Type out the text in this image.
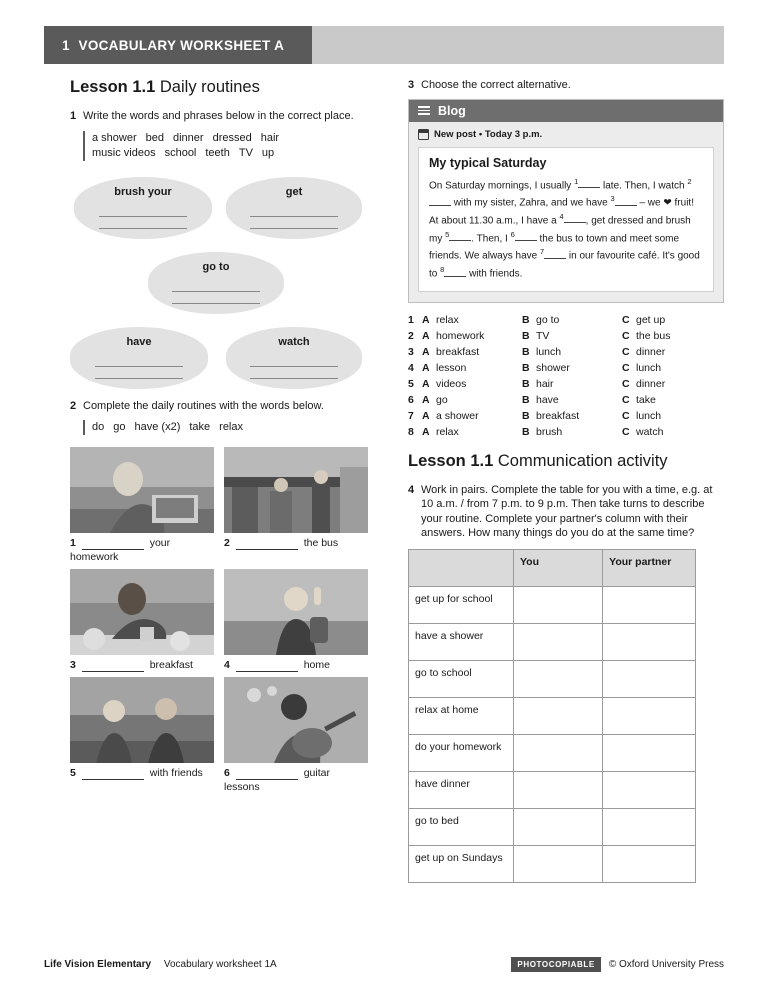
1 VOCABULARY WORKSHEET A
Lesson 1.1 Daily routines
1 Write the words and phrases below in the correct place.
a shower bed dinner dressed hair
music videos school teeth TV up
brush your	get
go to
have	watch
2 Complete the daily routines with the words below.
do go have (x2) take relax
1	your homework
2	the bus
3	breakfast	4	home
5	with friends	6	guitar lessons
3 Choose the correct alternative.
Blog
New post • Today 3 p.m.
My typical Saturday
On Saturday mornings, I usually $^1$ late. Then, I watch $^2$ with my sister, Zahra, and we have $^3$ – we ❤ fruit! At about 11.30 a.m., I have a $^4$ , get dressed and brush my $^5$ . Then, I $^6$ the bus to town and meet some friends. We always have $^7$ in our favourite café. It's good to $^8$ with friends.
1 A relax	B go to	C get up
2 A homework	B TV	C the bus
3 A breakfast	B lunch	C dinner
4 A lesson	B shower	C lunch
5 A videos	B hair	C dinner
6 A go	B have	C take
7 A a shower	B breakfast	C lunch
8 A relax	B brush	C watch
Lesson 1.1 Communication activity
4 Work in pairs. Complete the table for you with a time, e.g. at 10 a.m. / from 7 p.m. to 9 p.m. Then take turns to describe your routine. Complete your partner's column with their answers. How many things do you do at the same time?
	You	Your partner
get up for school		
have a shower		
go to school		
relax at home		
do your homework		
have dinner		
go to bed		
get up on Sundays		
Life Vision Elementary Vocabulary worksheet 1A	PHOTOCOPIABLE	© Oxford University Press
